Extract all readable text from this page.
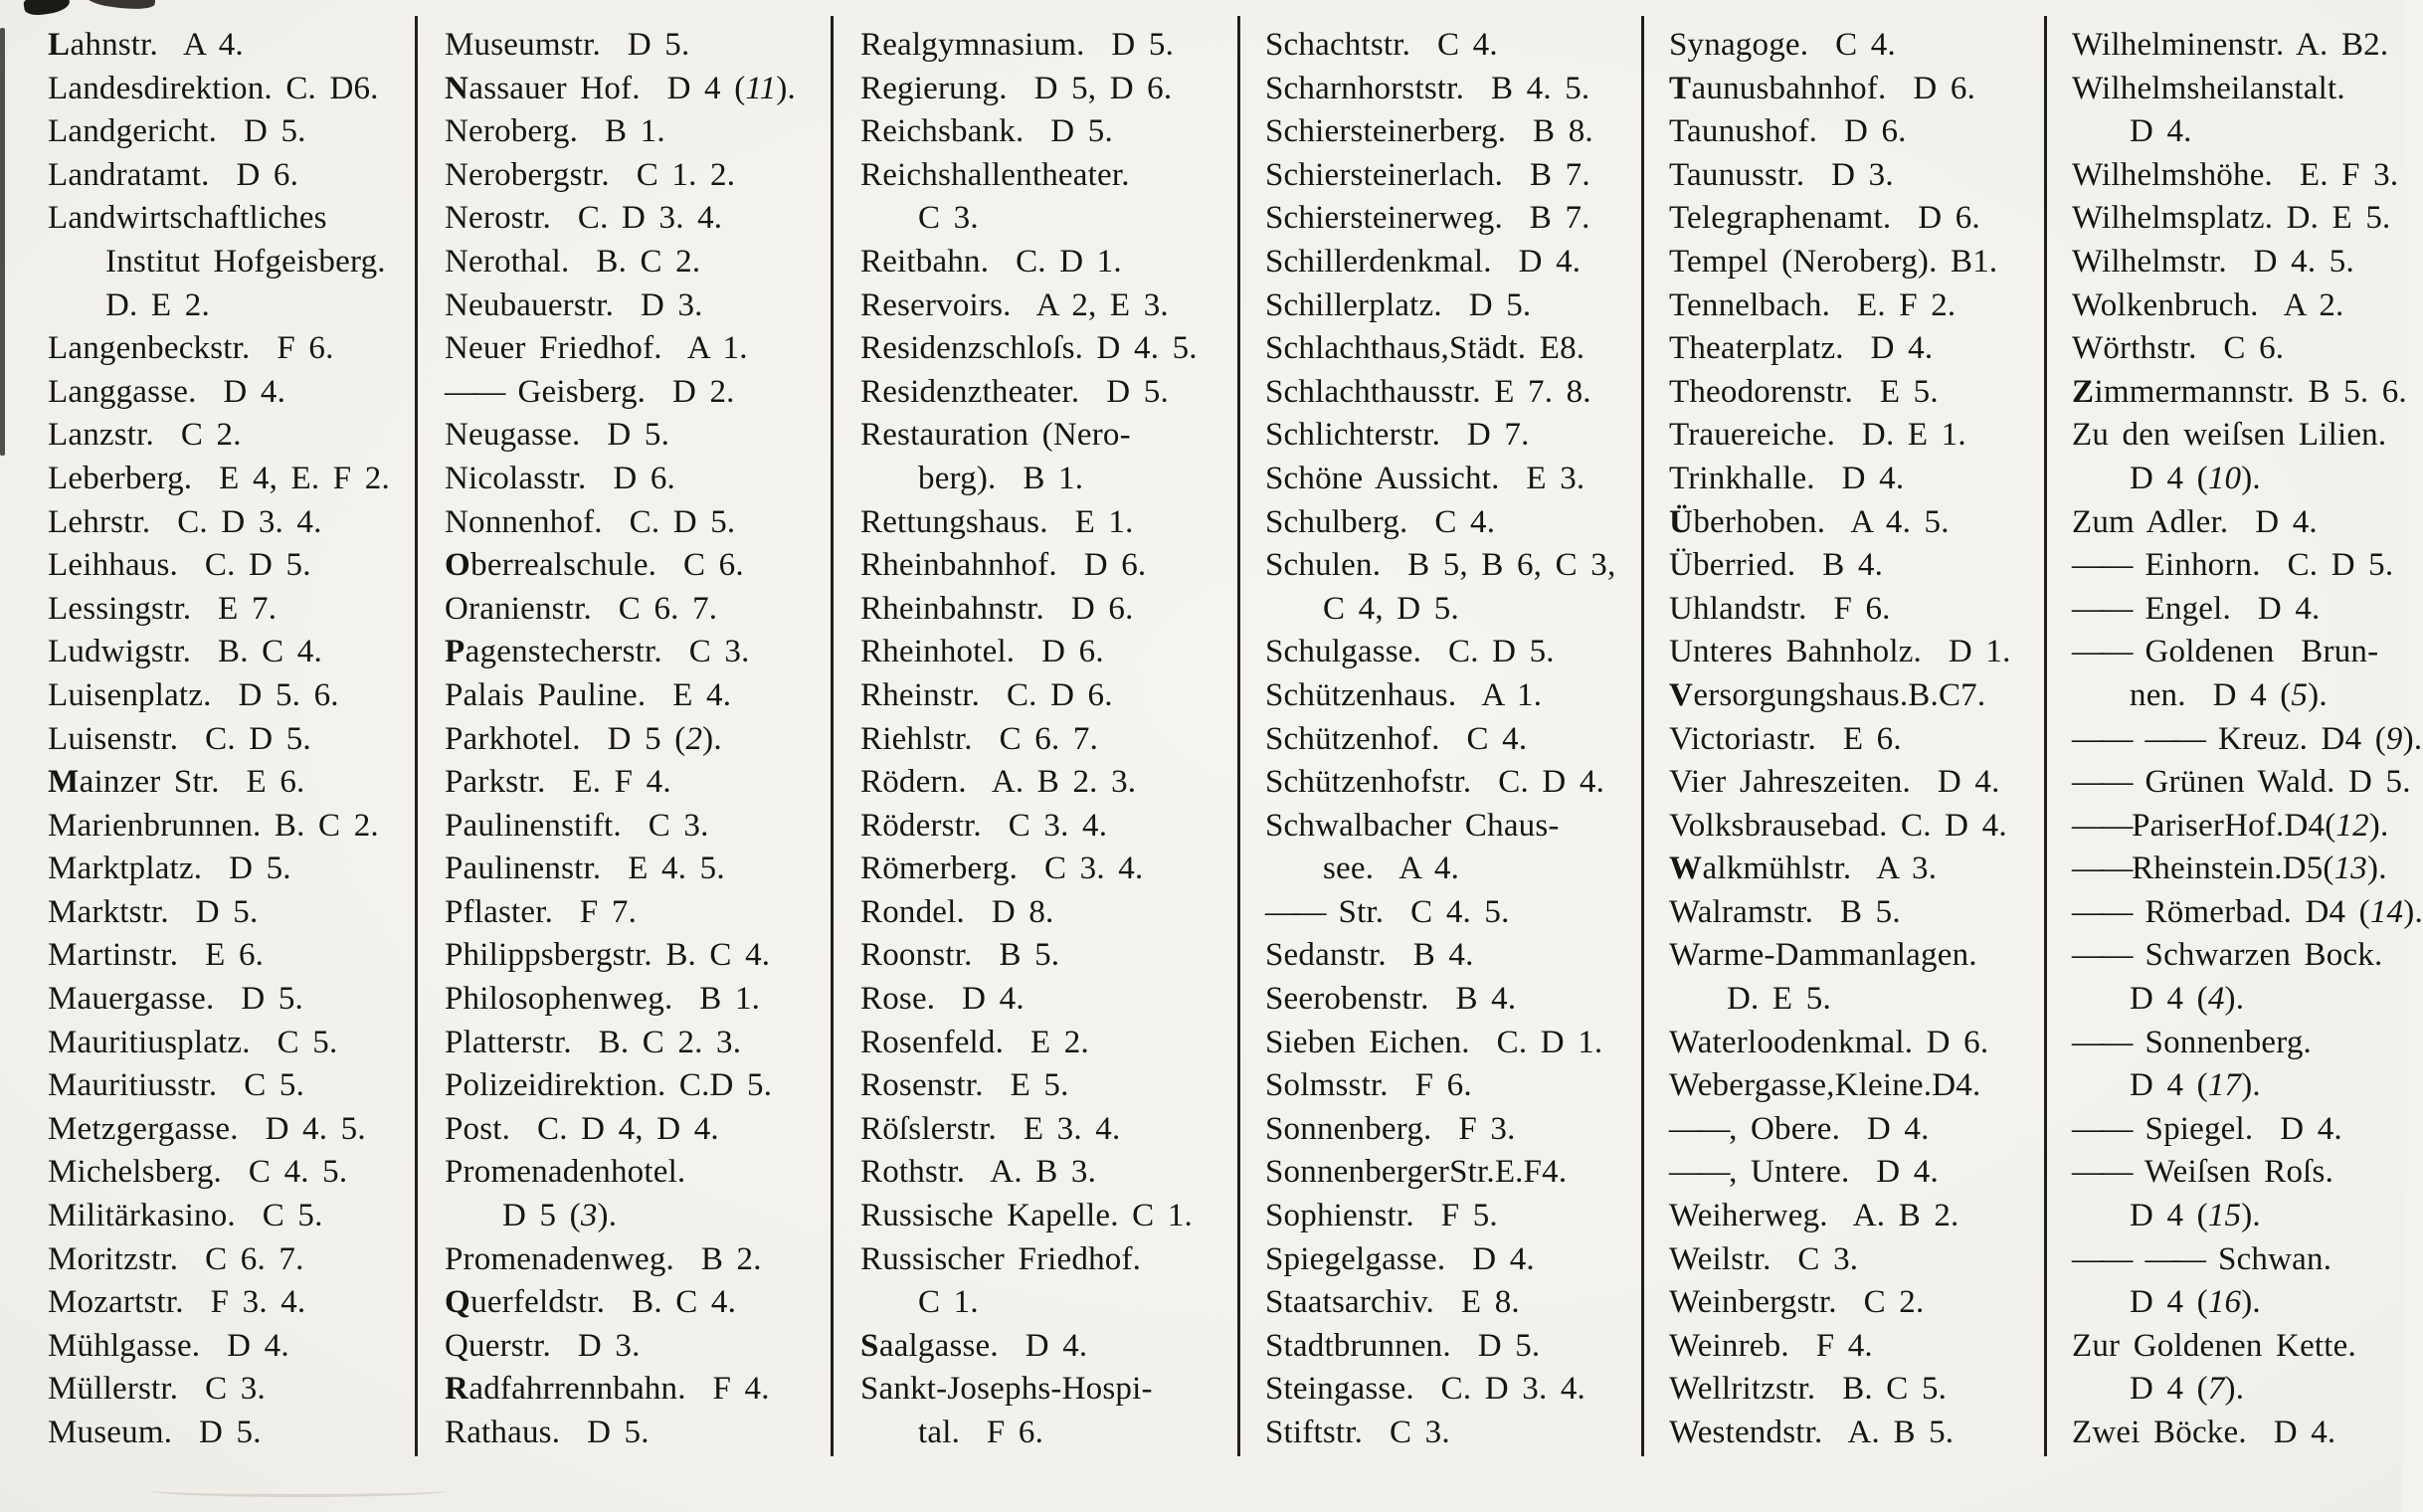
Lahnstr.  A 4.
Landesdirektion. C. D6.
Landgericht.  D 5.
Landratamt.  D 6.
Landwirtschaftliches
Institut Hofgeisberg.
D. E 2.
Langenbeckstr.  F 6.
Langgasse.  D 4.
Lanzstr.  C 2.
Leberberg.  E 4, E. F 2.
Lehrstr.  C. D 3. 4.
Leihhaus.  C. D 5.
Lessingstr.  E 7.
Ludwigstr.  B. C 4.
Luisenplatz.  D 5. 6.
Luisenstr.  C. D 5.
Mainzer Str.  E 6.
Marienbrunnen. B. C 2.
Marktplatz.  D 5.
Marktstr.  D 5.
Martinstr.  E 6.
Mauergasse.  D 5.
Mauritiusplatz.  C 5.
Mauritiusstr.  C 5.
Metzgergasse.  D 4. 5.
Michelsberg.  C 4. 5.
Militärkasino.  C 5.
Moritzstr.  C 6. 7.
Mozartstr.  F 3. 4.
Mühlgasse.  D 4.
Müllerstr.  C 3.
Museum.  D 5.
Museumstr.  D 5.
Nassauer Hof.  D 4 (11).
Neroberg.  B 1.
Nerobergstr.  C 1. 2.
Nerostr.  C. D 3. 4.
Nerothal.  B. C 2.
Neubauerstr.  D 3.
Neuer Friedhof.  A 1.
—— Geisberg.  D 2.
Neugasse.  D 5.
Nicolasstr.  D 6.
Nonnenhof.  C. D 5.
Oberrealschule.  C 6.
Oranienstr.  C 6. 7.
Pagenstecherstr.  C 3.
Palais Pauline.  E 4.
Parkhotel.  D 5 (2).
Parkstr.  E. F 4.
Paulinenstift.  C 3.
Paulinenstr.  E 4. 5.
Pflaster.  F 7.
Philippsbergstr. B. C 4.
Philosophenweg.  B 1.
Platterstr.  B. C 2. 3.
Polizeidirektion. C.D 5.
Post.  C. D 4, D 4.
Promenadenhotel.
D 5 (3).
Promenadenweg.  B 2.
Querfeldstr.  B. C 4.
Querstr.  D 3.
Radfahrrennbahn.  F 4.
Rathaus.  D 5.
Realgymnasium.  D 5.
Regierung.  D 5, D 6.
Reichsbank.  D 5.
Reichshallentheater.
C 3.
Reitbahn.  C. D 1.
Reservoirs.  A 2, E 3.
Residenzschloſs. D 4. 5.
Residenztheater.  D 5.
Restauration (Nero-
berg).  B 1.
Rettungshaus.  E 1.
Rheinbahnhof.  D 6.
Rheinbahnstr.  D 6.
Rheinhotel.  D 6.
Rheinstr.  C. D 6.
Riehlstr.  C 6. 7.
Rödern.  A. B 2. 3.
Röderstr.  C 3. 4.
Römerberg.  C 3. 4.
Rondel.  D 8.
Roonstr.  B 5.
Rose.  D 4.
Rosenfeld.  E 2.
Rosenstr.  E 5.
Röſslerstr.  E 3. 4.
Rothstr.  A. B 3.
Russische Kapelle. C 1.
Russischer Friedhof.
C 1.
Saalgasse.  D 4.
Sankt-Josephs-Hospi-
tal.  F 6.
Schachtstr.  C 4.
Scharnhorststr.  B 4. 5.
Schiersteinerberg.  B 8.
Schiersteinerlach.  B 7.
Schiersteinerweg.  B 7.
Schillerdenkmal.  D 4.
Schillerplatz.  D 5.
Schlachthaus,Städt. E8.
Schlachthausstr. E 7. 8.
Schlichterstr.  D 7.
Schöne Aussicht.  E 3.
Schulberg.  C 4.
Schulen.  B 5, B 6, C 3,
C 4, D 5.
Schulgasse.  C. D 5.
Schützenhaus.  A 1.
Schützenhof.  C 4.
Schützenhofstr.  C. D 4.
Schwalbacher Chaus-
see.  A 4.
—— Str.  C 4. 5.
Sedanstr.  B 4.
Seerobenstr.  B 4.
Sieben Eichen.  C. D 1.
Solmsstr.  F 6.
Sonnenberg.  F 3.
SonnenbergerStr.E.F4.
Sophienstr.  F 5.
Spiegelgasse.  D 4.
Staatsarchiv.  E 8.
Stadtbrunnen.  D 5.
Steingasse.  C. D 3. 4.
Stiftstr.  C 3.
Synagoge.  C 4.
Taunusbahnhof.  D 6.
Taunushof.  D 6.
Taunusstr.  D 3.
Telegraphenamt.  D 6.
Tempel (Neroberg). B1.
Tennelbach.  E. F 2.
Theaterplatz.  D 4.
Theodorenstr.  E 5.
Trauereiche.  D. E 1.
Trinkhalle.  D 4.
Überhoben.  A 4. 5.
Überried.  B 4.
Uhlandstr.  F 6.
Unteres Bahnholz.  D 1.
Versorgungshaus.B.C7.
Victoriastr.  E 6.
Vier Jahreszeiten.  D 4.
Volksbrausebad. C. D 4.
Walkmühlstr.  A 3.
Walramstr.  B 5.
Warme-Dammanlagen.
D. E 5.
Waterloodenkmal. D 6.
Webergasse,Kleine.D4.
——, Obere.  D 4.
——, Untere.  D 4.
Weiherweg.  A. B 2.
Weilstr.  C 3.
Weinbergstr.  C 2.
Weinreb.  F 4.
Wellritzstr.  B. C 5.
Westendstr.  A. B 5.
Wilhelminenstr. A. B2.
Wilhelmsheilanstalt.
D 4.
Wilhelmshöhe.  E. F 3.
Wilhelmsplatz. D. E 5.
Wilhelmstr.  D 4. 5.
Wolkenbruch.  A 2.
Wörthstr.  C 6.
Zimmermannstr. B 5. 6.
Zu den weiſsen Lilien.
D 4 (10).
Zum Adler.  D 4.
—— Einhorn.  C. D 5.
—— Engel.  D 4.
—— Goldenen  Brun-
nen.  D 4 (5).
—— —— Kreuz. D4 (9).
—— Grünen Wald. D 5.
——PariserHof.D4(12).
——Rheinstein.D5(13).
—— Römerbad. D4 (14).
—— Schwarzen Bock.
D 4 (4).
—— Sonnenberg.
D 4 (17).
—— Spiegel.  D 4.
—— Weiſsen Roſs.
D 4 (15).
—— —— Schwan.
D 4 (16).
Zur Goldenen Kette.
D 4 (7).
Zwei Böcke.  D 4.
